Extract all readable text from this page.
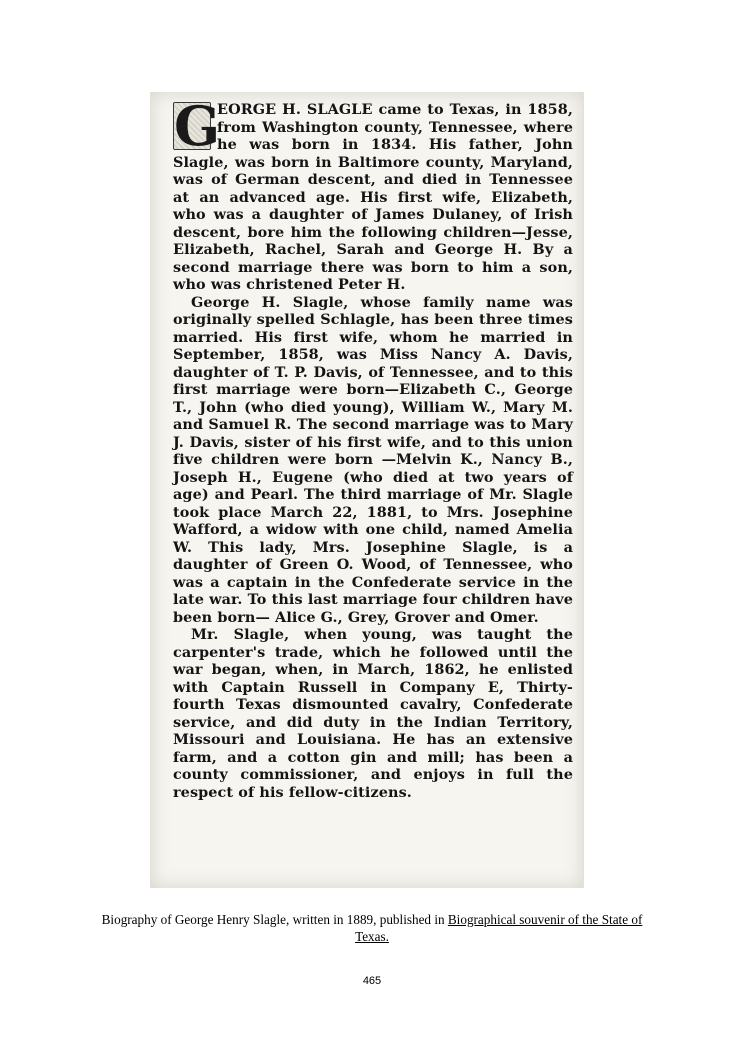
G
EORGE H. SLAGLE came to Texas, in 1858, from Washington county, Tennessee, where he was born in 1834. His father, John Slagle, was born in Baltimore county, Maryland, was of German descent, and died in Tennessee at an advanced age. His first wife, Elizabeth, who was a daughter of James Dulaney, of Irish descent, bore him the following children—Jesse, Elizabeth, Rachel, Sarah and George H. By a second marriage there was born to him a son, who was christened Peter H.

George H. Slagle, whose family name was originally spelled Schlagle, has been three times married. His first wife, whom he married in September, 1858, was Miss Nancy A. Davis, daughter of T. P. Davis, of Tennessee, and to this first marriage were born—Elizabeth C., George T., John (who died young), William W., Mary M. and Samuel R. The second marriage was to Mary J. Davis, sister of his first wife, and to this union five children were born —Melvin K., Nancy B., Joseph H., Eugene (who died at two years of age) and Pearl. The third marriage of Mr. Slagle took place March 22, 1881, to Mrs. Josephine Wafford, a widow with one child, named Amelia W. This lady, Mrs. Josephine Slagle, is a daughter of Green O. Wood, of Tennessee, who was a captain in the Confederate service in the late war. To this last marriage four children have been born— Alice G., Grey, Grover and Omer.

Mr. Slagle, when young, was taught the carpenter's trade, which he followed until the war began, when, in March, 1862, he enlisted with Captain Russell in Company E, Thirty-fourth Texas dismounted cavalry, Confederate service, and did duty in the Indian Territory, Missouri and Louisiana. He has an extensive farm, and a cotton gin and mill; has been a county commissioner, and enjoys in full the respect of his fellow-citizens.

Biography of George Henry Slagle, written in 1889, published in Biographical souvenir of the State of Texas.
465
